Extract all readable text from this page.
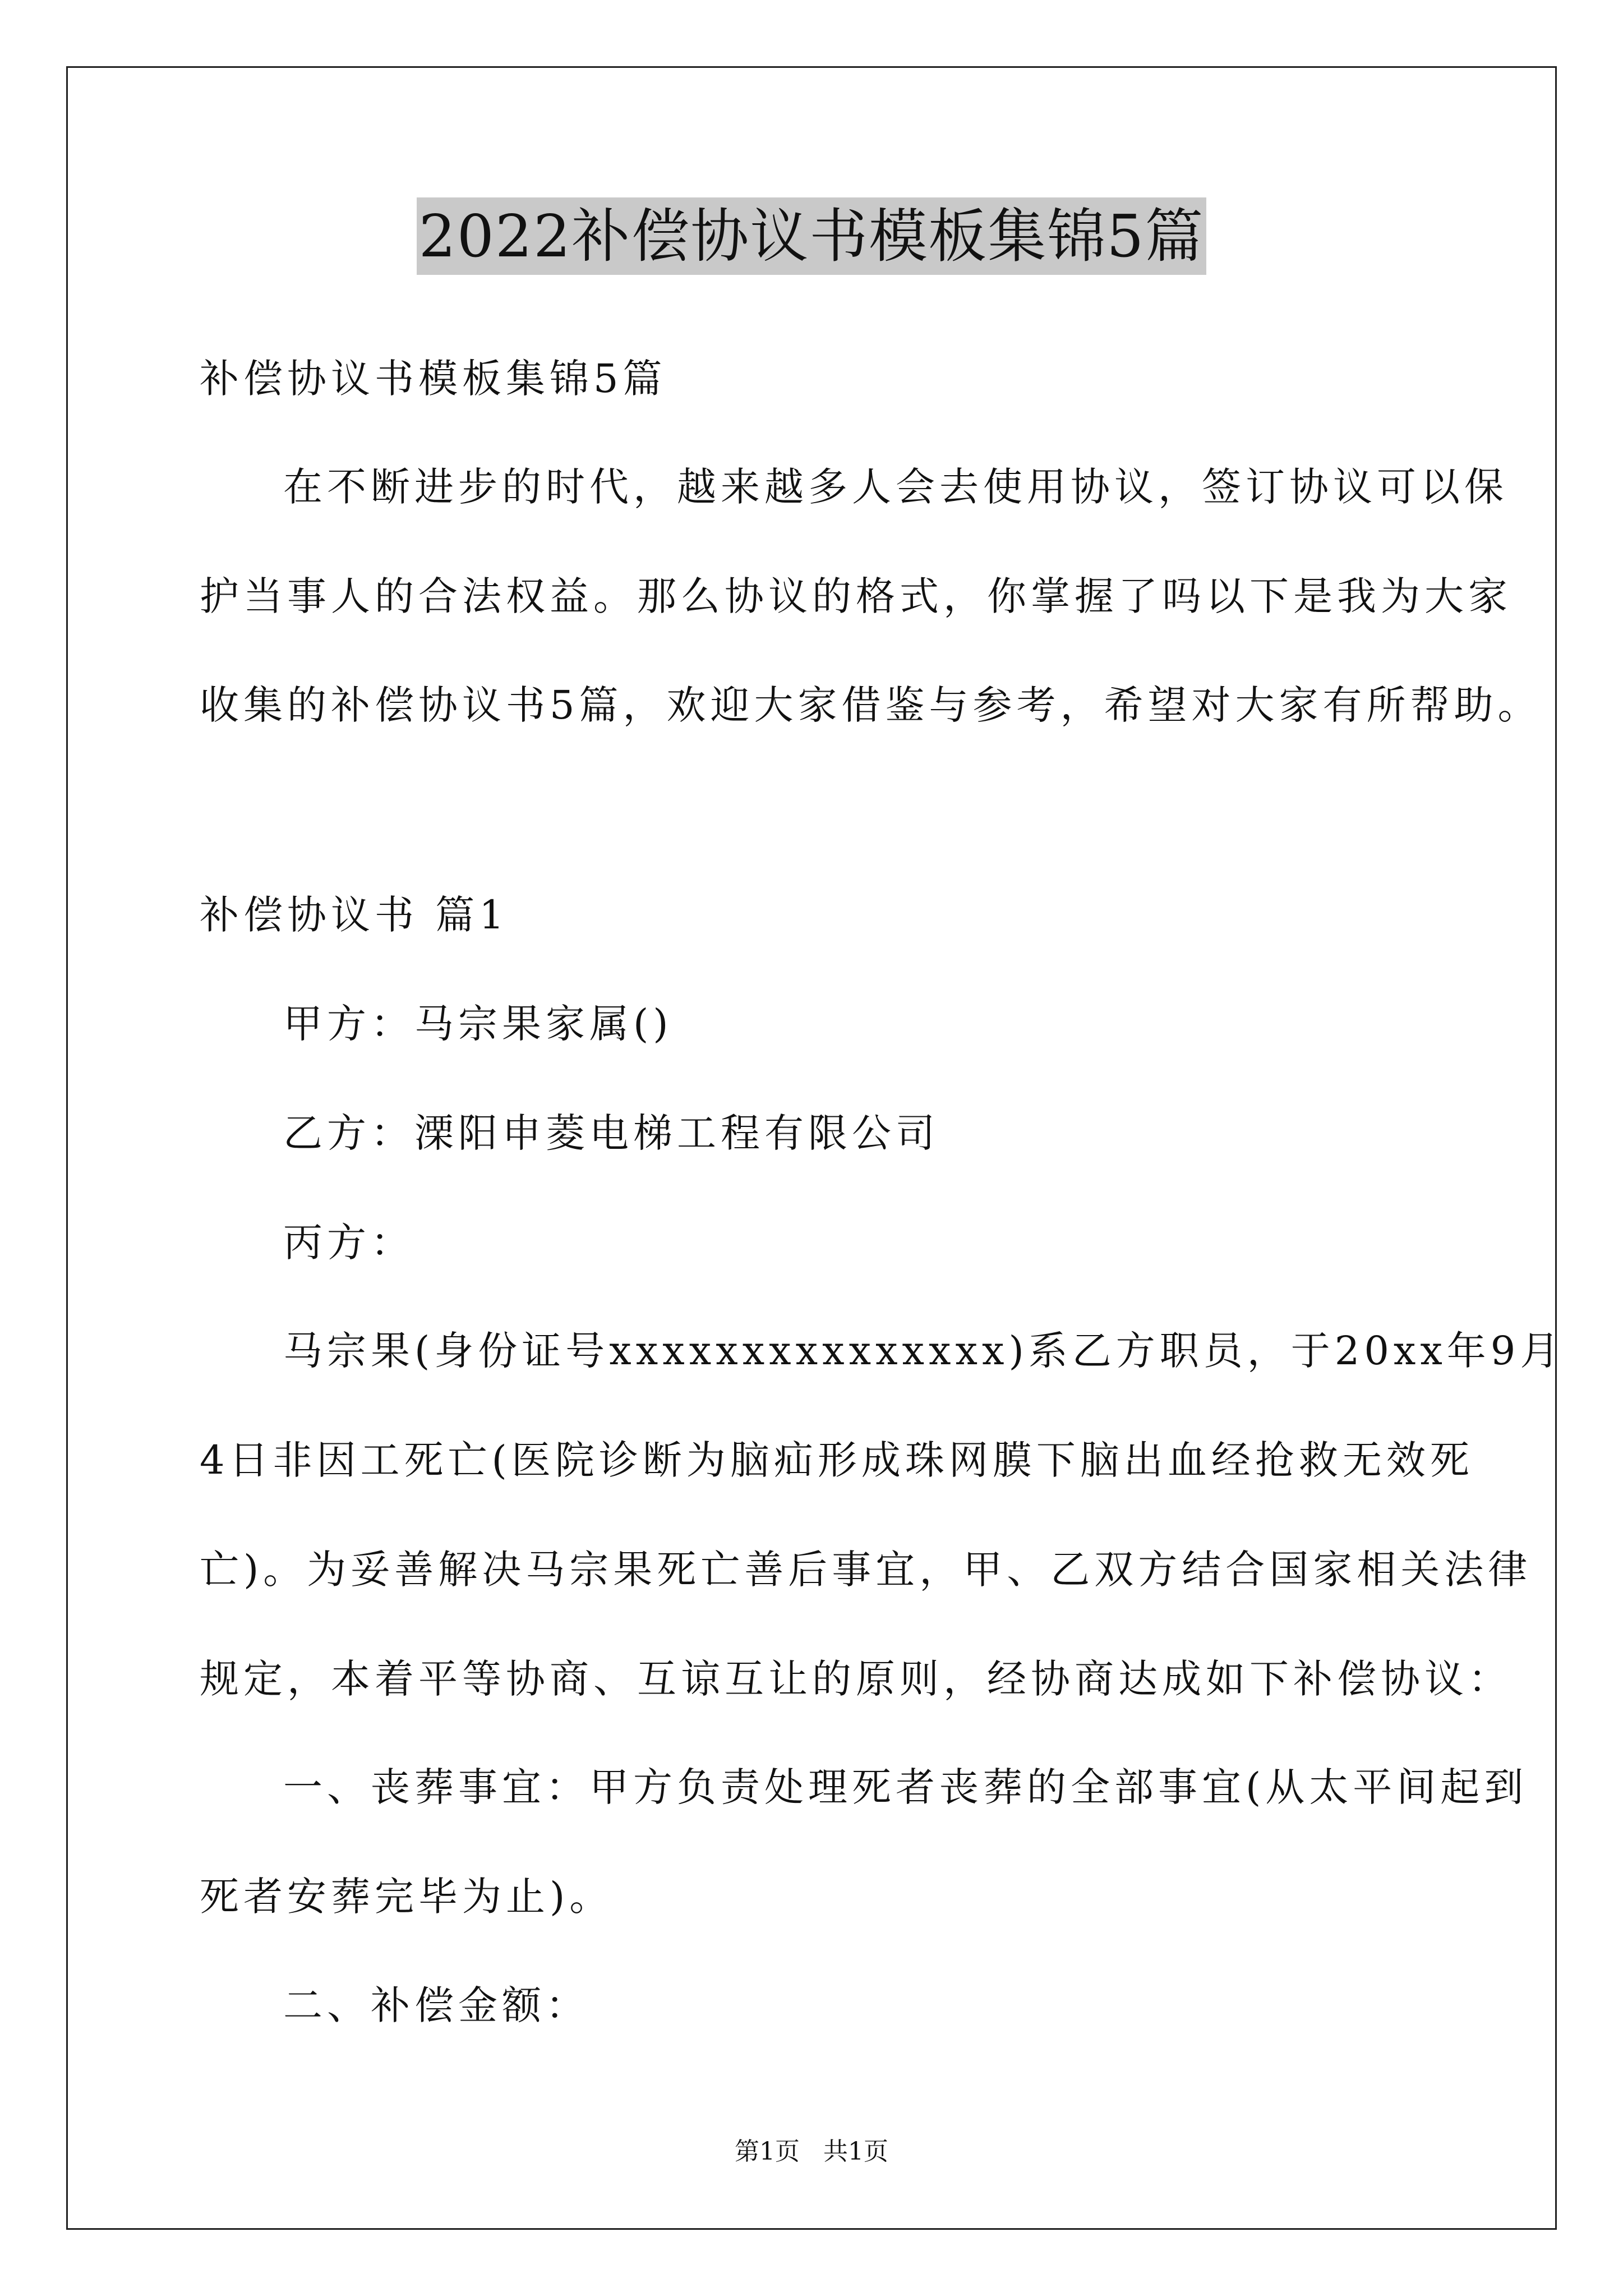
2022补偿协议书模板集锦5篇
补偿协议书模板集锦5篇
在不断进步的时代，越来越多人会去使用协议，签订协议可以保
护当事人的合法权益。那么协议的格式，你掌握了吗以下是我为大家
收集的补偿协议书5篇，欢迎大家借鉴与参考，希望对大家有所帮助。
补偿协议书 篇1
甲方：马宗果家属()
乙方：溧阳申菱电梯工程有限公司
丙方：
马宗果(身份证号xxxxxxxxxxxxxxx)系乙方职员，于20xx年9月
4日非因工死亡(医院诊断为脑疝形成珠网膜下脑出血经抢救无效死
亡)。为妥善解决马宗果死亡善后事宜，甲、乙双方结合国家相关法律
规定，本着平等协商、互谅互让的原则，经协商达成如下补偿协议：
一、丧葬事宜：甲方负责处理死者丧葬的全部事宜(从太平间起到
死者安葬完毕为止)。
二、补偿金额：
第1页   共1页
